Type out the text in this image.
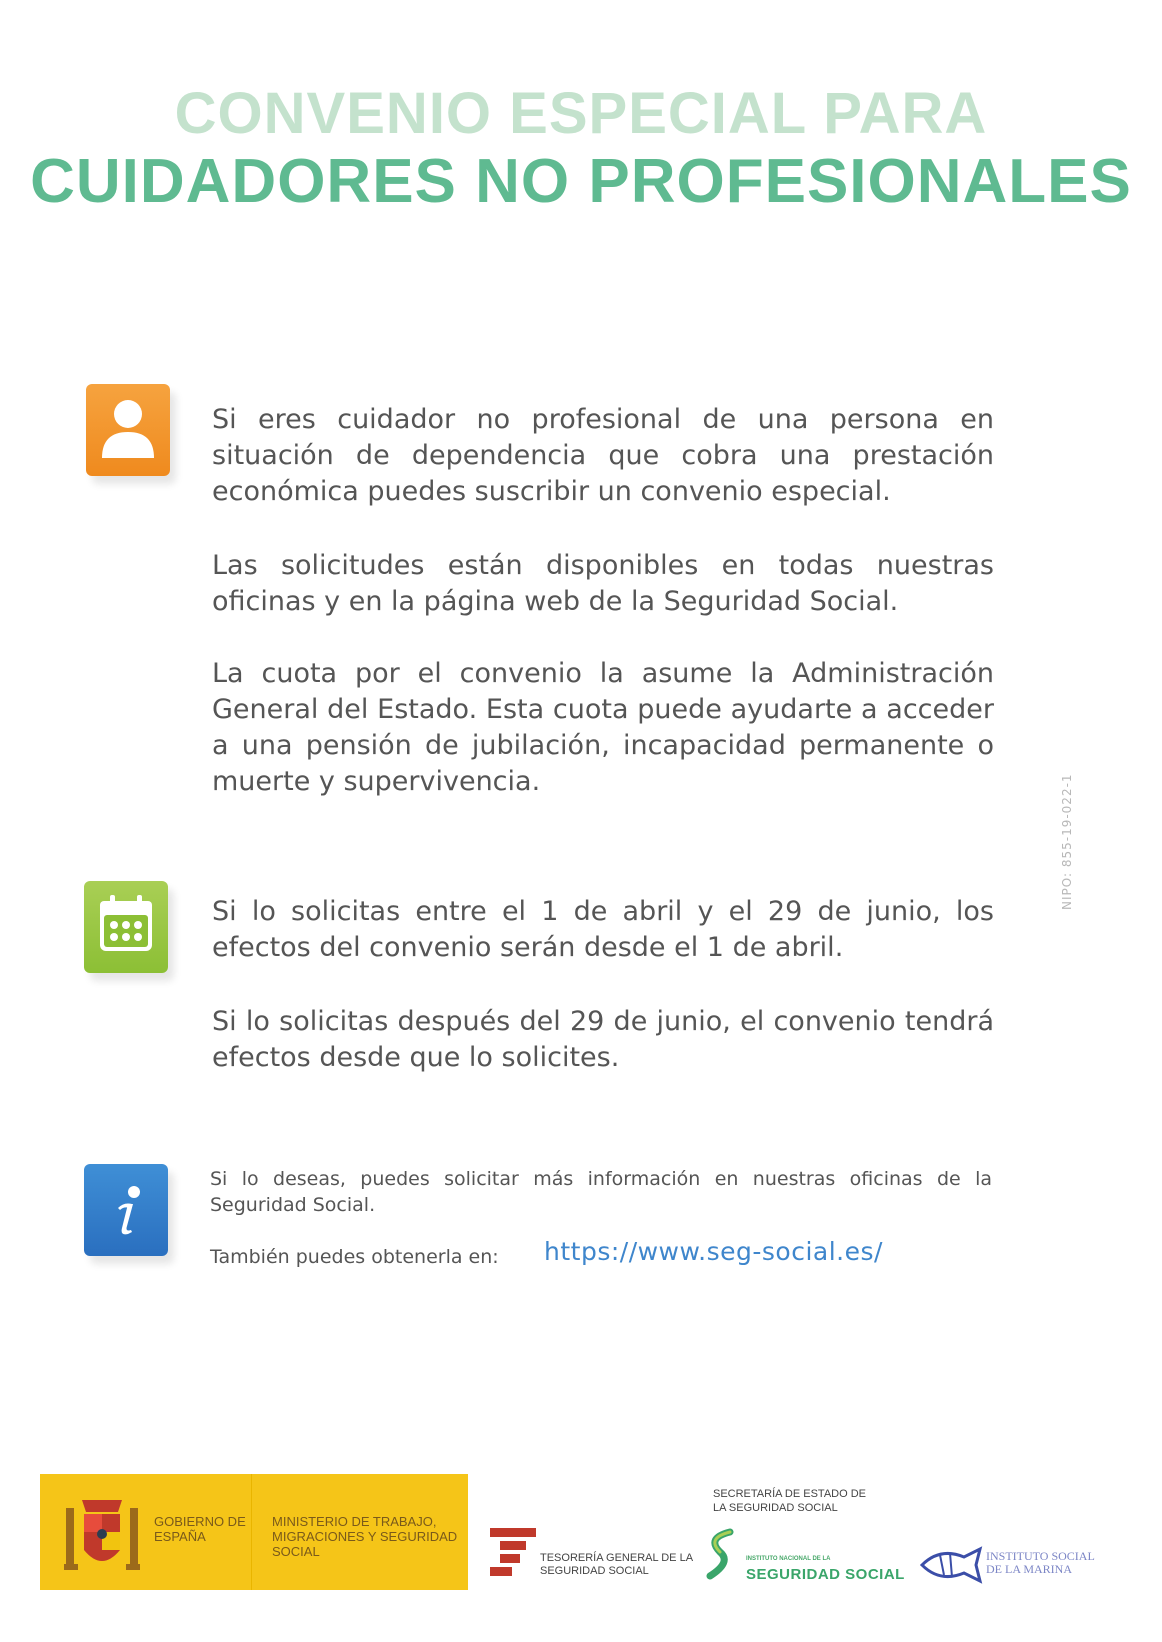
CONVENIO ESPECIAL PARA
CUIDADORES NO PROFESIONALES

Si eres cuidador no profesional de una persona en situación de dependencia que cobra una prestación económica puedes suscribir un convenio especial.

Las solicitudes están disponibles en todas nuestras oficinas y en la página web de la Seguridad Social.

La cuota por el convenio la asume la Administración General del Estado. Esta cuota puede ayudarte a acceder a una pensión de jubilación, incapacidad permanente o muerte y supervivencia.

Si lo solicitas entre el 1 de abril y el 29 de junio, los efectos del convenio serán desde el 1 de abril.

Si lo solicitas después del 29 de junio, el convenio tendrá efectos desde que lo solicites.

Si lo deseas, puedes solicitar más información en nuestras oficinas de la Seguridad Social.

También puedes obtenerla en:	https://www.seg-social.es/
NIPO: 855-19-022-1

GOBIERNO DE ESPAÑA

MINISTERIO DE TRABAJO, MIGRACIONES Y SEGURIDAD SOCIAL	TESORERÍA GENERAL DE LA SEGURIDAD SOCIAL

SECRETARÍA DE ESTADO DE LA SEGURIDAD SOCIAL

INSTITUTO NACIONAL DE LA
SEGURIDAD SOCIAL

INSTITUTO SOCIAL DE LA MARINA
